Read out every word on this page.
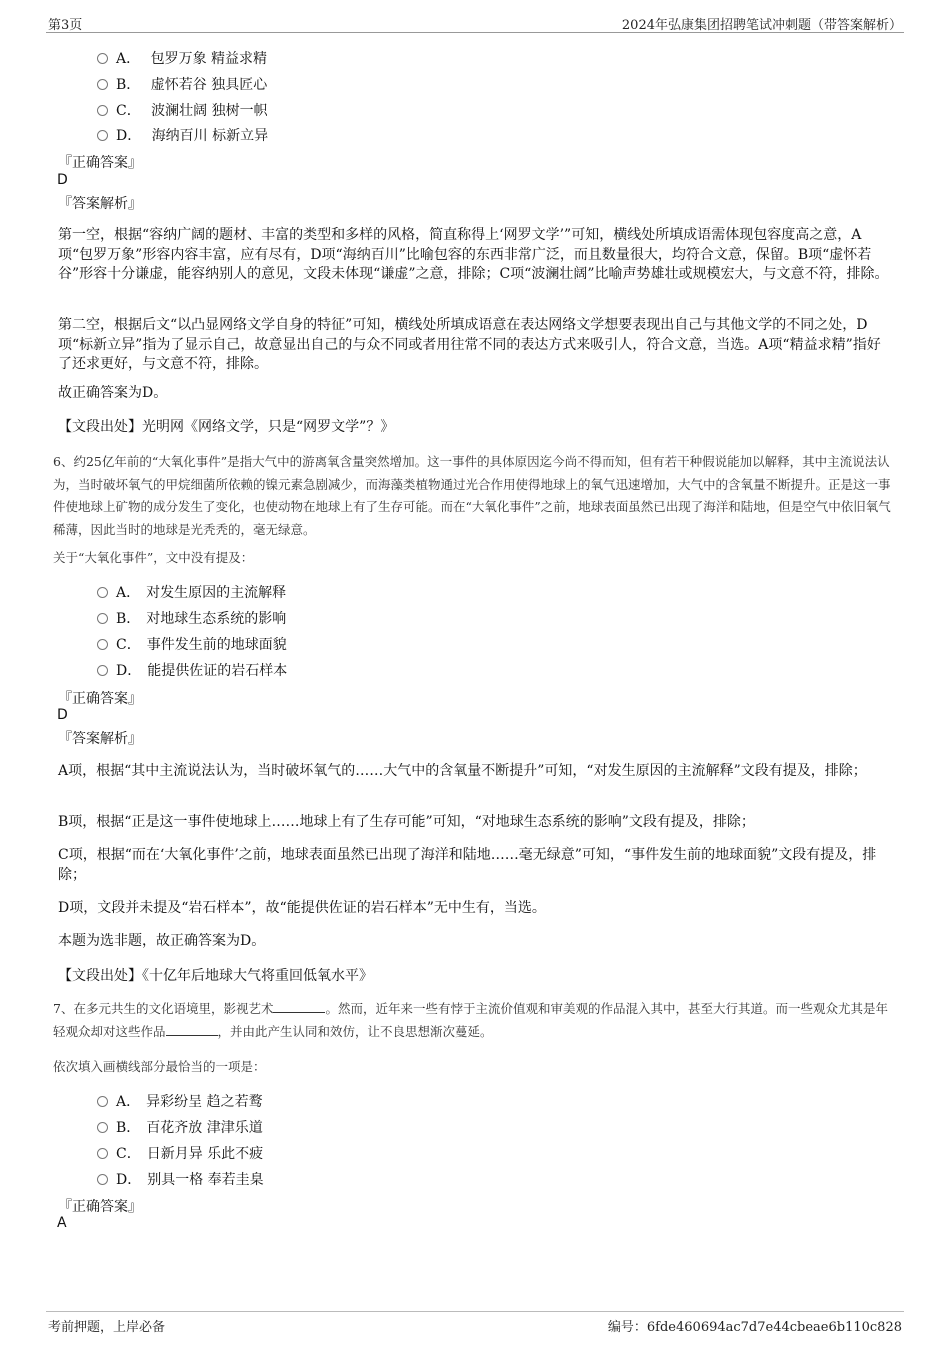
第3页	2024年弘康集团招聘笔试冲刺题（带答案解析）
A． 包罗万象 精益求精
B． 虚怀若谷 独具匠心
C． 波澜壮阔 独树一帜
D． 海纳百川 标新立异
『正确答案』
D
『答案解析』
第一空，根据“容纳广阔的题材、丰富的类型和多样的风格，简直称得上‘网罗文学’”可知，横线处所填成语需体现包容度高之意，A项“包罗万象”形容内容丰富，应有尽有，D项“海纳百川”比喻包容的东西非常广泛，而且数量很大，均符合文意，保留。B项“虚怀若谷”形容十分谦虚，能容纳别人的意见，文段未体现“谦虚”之意，排除；C项“波澜壮阔”比喻声势雄壮或规模宏大，与文意不符，排除。
第二空，根据后文“以凸显网络文学自身的特征”可知，横线处所填成语意在表达网络文学想要表现出自己与其他文学的不同之处，D项“标新立异”指为了显示自己，故意显出自己的与众不同或者用往常不同的表达方式来吸引人，符合文意，当选。A项“精益求精”指好了还求更好，与文意不符，排除。
故正确答案为D。
【文段出处】光明网《网络文学，只是“网罗文学”？》
6、约25亿年前的“大氧化事件”是指大气中的游离氧含量突然增加。这一事件的具体原因迄今尚不得而知，但有若干种假说能加以解释，其中主流说法认为，当时破坏氧气的甲烷细菌所依赖的镍元素急剧减少，而海藻类植物通过光合作用使得地球上的氧气迅速增加，大气中的含氧量不断提升。正是这一事件使地球上矿物的成分发生了变化，也使动物在地球上有了生存可能。而在“大氧化事件”之前，地球表面虽然已出现了海洋和陆地，但是空气中依旧氧气稀薄，因此当时的地球是光秃秃的，毫无绿意。
关于“大氧化事件”，文中没有提及：
A． 对发生原因的主流解释
B． 对地球生态系统的影响
C． 事件发生前的地球面貌
D． 能提供佐证的岩石样本
『正确答案』
D
『答案解析』
A项，根据“其中主流说法认为，当时破坏氧气的……大气中的含氧量不断提升”可知，“对发生原因的主流解释”文段有提及，排除；
B项，根据“正是这一事件使地球上……地球上有了生存可能”可知，“对地球生态系统的影响”文段有提及，排除；
C项，根据“而在‘大氧化事件’之前，地球表面虽然已出现了海洋和陆地……毫无绿意”可知，“事件发生前的地球面貌”文段有提及，排除；
D项，文段并未提及“岩石样本”，故“能提供佐证的岩石样本”无中生有，当选。
本题为选非题，故正确答案为D。
【文段出处】《十亿年后地球大气将重回低氧水平》
7、在多元共生的文化语境里，影视艺术	。然而，近年来一些有悖于主流价值观和审美观的作品混入其中，甚至大行其道。而一些观众尤其是年轻观众却对这些作品	，并由此产生认同和效仿，让不良思想渐次蔓延。
依次填入画横线部分最恰当的一项是：
A． 异彩纷呈 趋之若鹜
B． 百花齐放 津津乐道
C． 日新月异 乐此不疲
D． 别具一格 奉若圭臬
『正确答案』
A
考前押题，上岸必备	编号：6fde460694ac7d7e44cbeae6b110c828
